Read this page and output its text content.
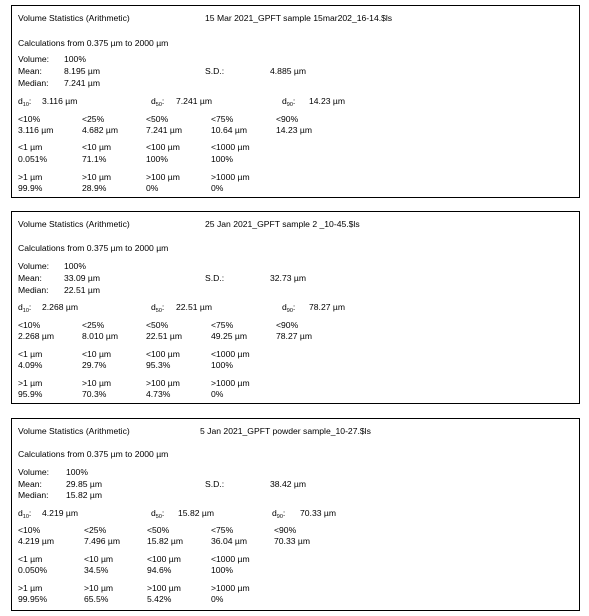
Volume Statistics (Arithmetic)	15 Mar 2021_GPFT sample 15mar202_16-14.$ls
Calculations from 0.375 µm to 2000 µm
Volume: 100%
Mean:	8.195 µm	S.D.:	4.885 µm
Median: 7.241 µm
$d_{10}$: 3.116 µm	$d_{50}$: 7.241 µm	$d_{90}$: 14.23 µm
<10%	<25%	<50%	<75%	<90%
3.116 µm	4.682 µm	7.241 µm	10.64 µm	14.23 µm
<1 µm	<10 µm	<100 µm	<1000 µm
0.051%	71.1%	100%	100%
>1 µm	>10 µm	>100 µm	>1000 µm
99.9%	28.9%	0%	0%
Volume Statistics (Arithmetic)	25 Jan 2021_GPFT sample 2 _10-45.$ls
Calculations from 0.375 µm to 2000 µm
Volume: 100%
Mean:	33.09 µm	S.D.:	32.73 µm
Median: 22.51 µm
$d_{10}$: 2.268 µm	$d_{50}$: 22.51 µm	$d_{90}$: 78.27 µm
<10%	<25%	<50%	<75%	<90%
2.268 µm	8.010 µm	22.51 µm	49.25 µm	78.27 µm
<1 µm	<10 µm	<100 µm	<1000 µm
4.09%	29.7%	95.3%	100%
>1 µm	>10 µm	>100 µm	>1000 µm
95.9%	70.3%	4.73%	0%
Volume Statistics (Arithmetic)	5 Jan 2021_GPFT powder sample_10-27.$ls
Calculations from 0.375 µm to 2000 µm
Volume: 100%
Mean:	29.85 µm	S.D.:	38.42 µm
Median: 15.82 µm
$d_{10}$: 4.219 µm	$d_{50}$: 15.82 µm	$d_{90}$: 70.33 µm
<10%	<25%	<50%	<75%	<90%
4.219 µm	7.496 µm	15.82 µm	36.04 µm	70.33 µm
<1 µm	<10 µm	<100 µm	<1000 µm
0.050%	34.5%	94.6%	100%
>1 µm	>10 µm	>100 µm	>1000 µm
99.95%	65.5%	5.42%	0%
